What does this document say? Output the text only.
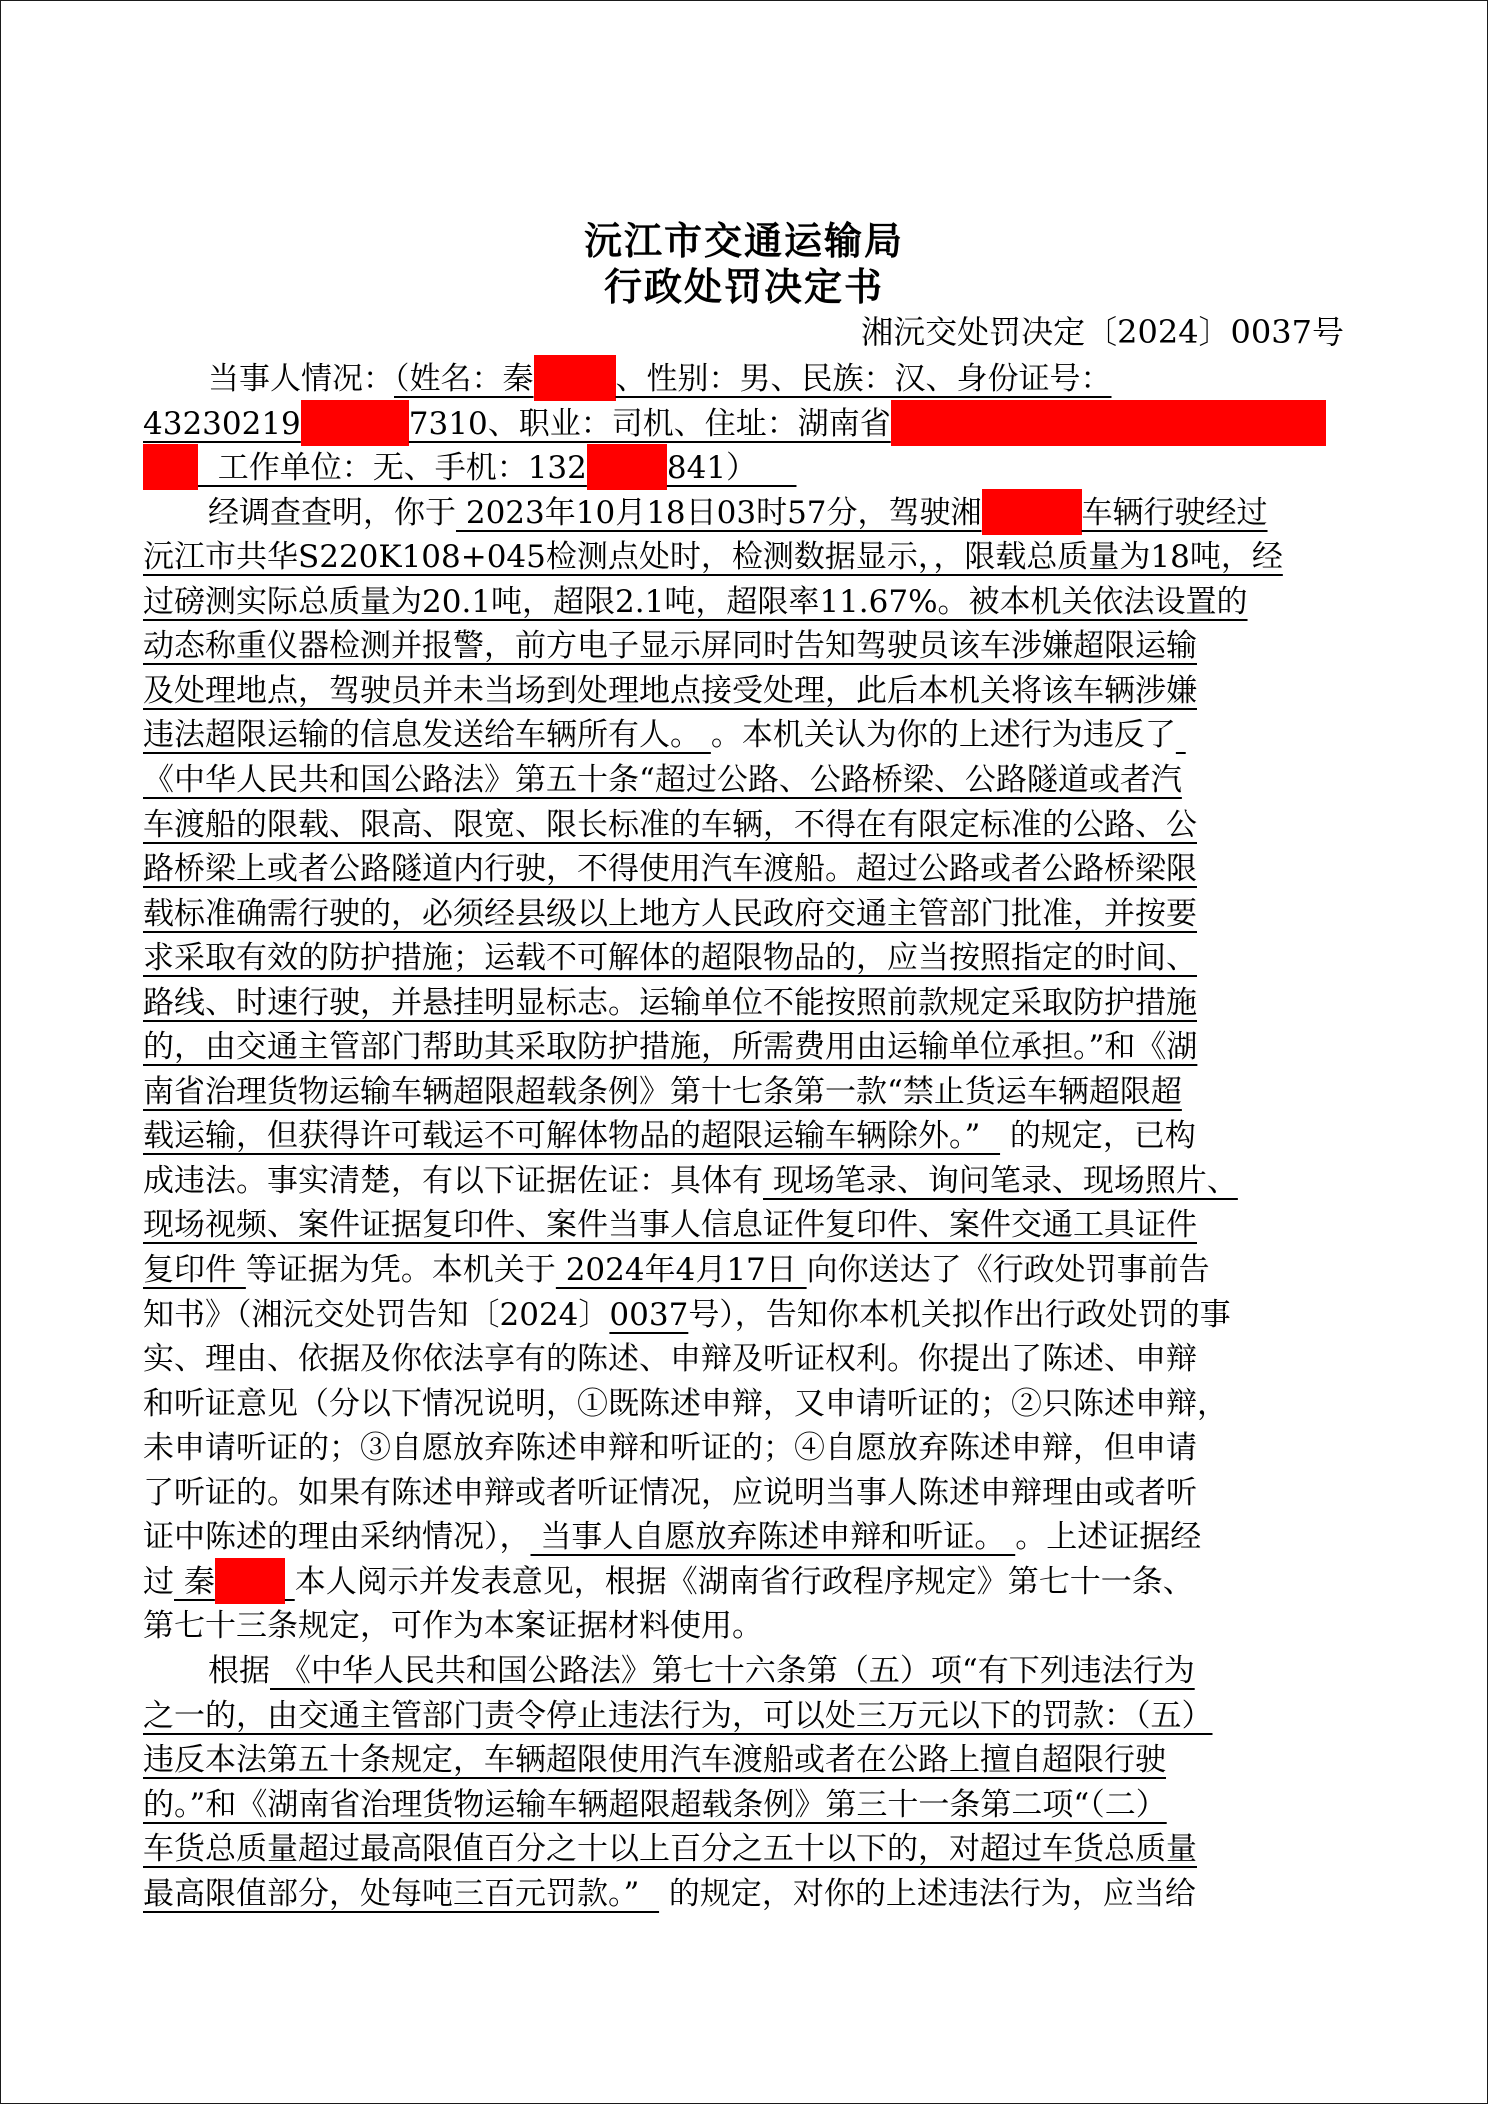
沅江市交通运输局
行政处罚决定书
湘沅交处罚决定〔2024〕0037号
当事人情况：（姓名：秦	、性别：男、民族：汉、身份证号：
43230219	7310、职业：司机、住址：湖南省
工作单位：无、手机：132	841）
经调查查明，你于 2023年10月18日03时57分，驾驶湘	车辆行驶经过
沅江市共华S220K108+045检测点处时，检测数据显示，，限载总质量为18吨，经
过磅测实际总质量为20.1吨，超限2.1吨，超限率11.67%。被本机关依法设置的
动态称重仪器检测并报警，前方电子显示屏同时告知驾驶员该车涉嫌超限运输
及处理地点，驾驶员并未当场到处理地点接受处理，此后本机关将该车辆涉嫌
违法超限运输的信息发送给车辆所有人。 。本机关认为你的上述行为违反了
《中华人民共和国公路法》第五十条“超过公路、公路桥梁、公路隧道或者汽
车渡船的限载、限高、限宽、限长标准的车辆，不得在有限定标准的公路、公
路桥梁上或者公路隧道内行驶，不得使用汽车渡船。超过公路或者公路桥梁限
载标准确需行驶的，必须经县级以上地方人民政府交通主管部门批准，并按要
求采取有效的防护措施；运载不可解体的超限物品的，应当按照指定的时间、
路线、时速行驶，并悬挂明显标志。运输单位不能按照前款规定采取防护措施
的，由交通主管部门帮助其采取防护措施，所需费用由运输单位承担。”和《湖
南省治理货物运输车辆超限超载条例》第十七条第一款“禁止货运车辆超限超
载运输，但获得许可载运不可解体物品的超限运输车辆除外。”   的规定，已构
成违法。事实清楚，有以下证据佐证：具体有 现场笔录、询问笔录、现场照片、
现场视频、案件证据复印件、案件当事人信息证件复印件、案件交通工具证件
复印件 等证据为凭。本机关于 2024年4月17日 向你送达了《行政处罚事前告
知书》（湘沅交处罚告知〔2024〕0037号），告知你本机关拟作出行政处罚的事
实、理由、依据及你依法享有的陈述、申辩及听证权利。你提出了陈述、申辩
和听证意见（分以下情况说明，①既陈述申辩，又申请听证的；②只陈述申辩，
未申请听证的；③自愿放弃陈述申辩和听证的；④自愿放弃陈述申辩，但申请
了听证的。如果有陈述申辩或者听证情况，应说明当事人陈述申辩理由或者听
证中陈述的理由采纳情况）， 当事人自愿放弃陈述申辩和听证。 。上述证据经
过 秦	本人阅示并发表意见，根据《湖南省行政程序规定》第七十一条、
第七十三条规定，可作为本案证据材料使用。
根据 《中华人民共和国公路法》第七十六条第（五）项“有下列违法行为
之一的，由交通主管部门责令停止违法行为，可以处三万元以下的罚款：（五）
违反本法第五十条规定，车辆超限使用汽车渡船或者在公路上擅自超限行驶
的。”和《湖南省治理货物运输车辆超限超载条例》第三十一条第二项“（二）
车货总质量超过最高限值百分之十以上百分之五十以下的，对超过车货总质量
最高限值部分，处每吨三百元罚款。”   的规定，对你的上述违法行为，应当给
